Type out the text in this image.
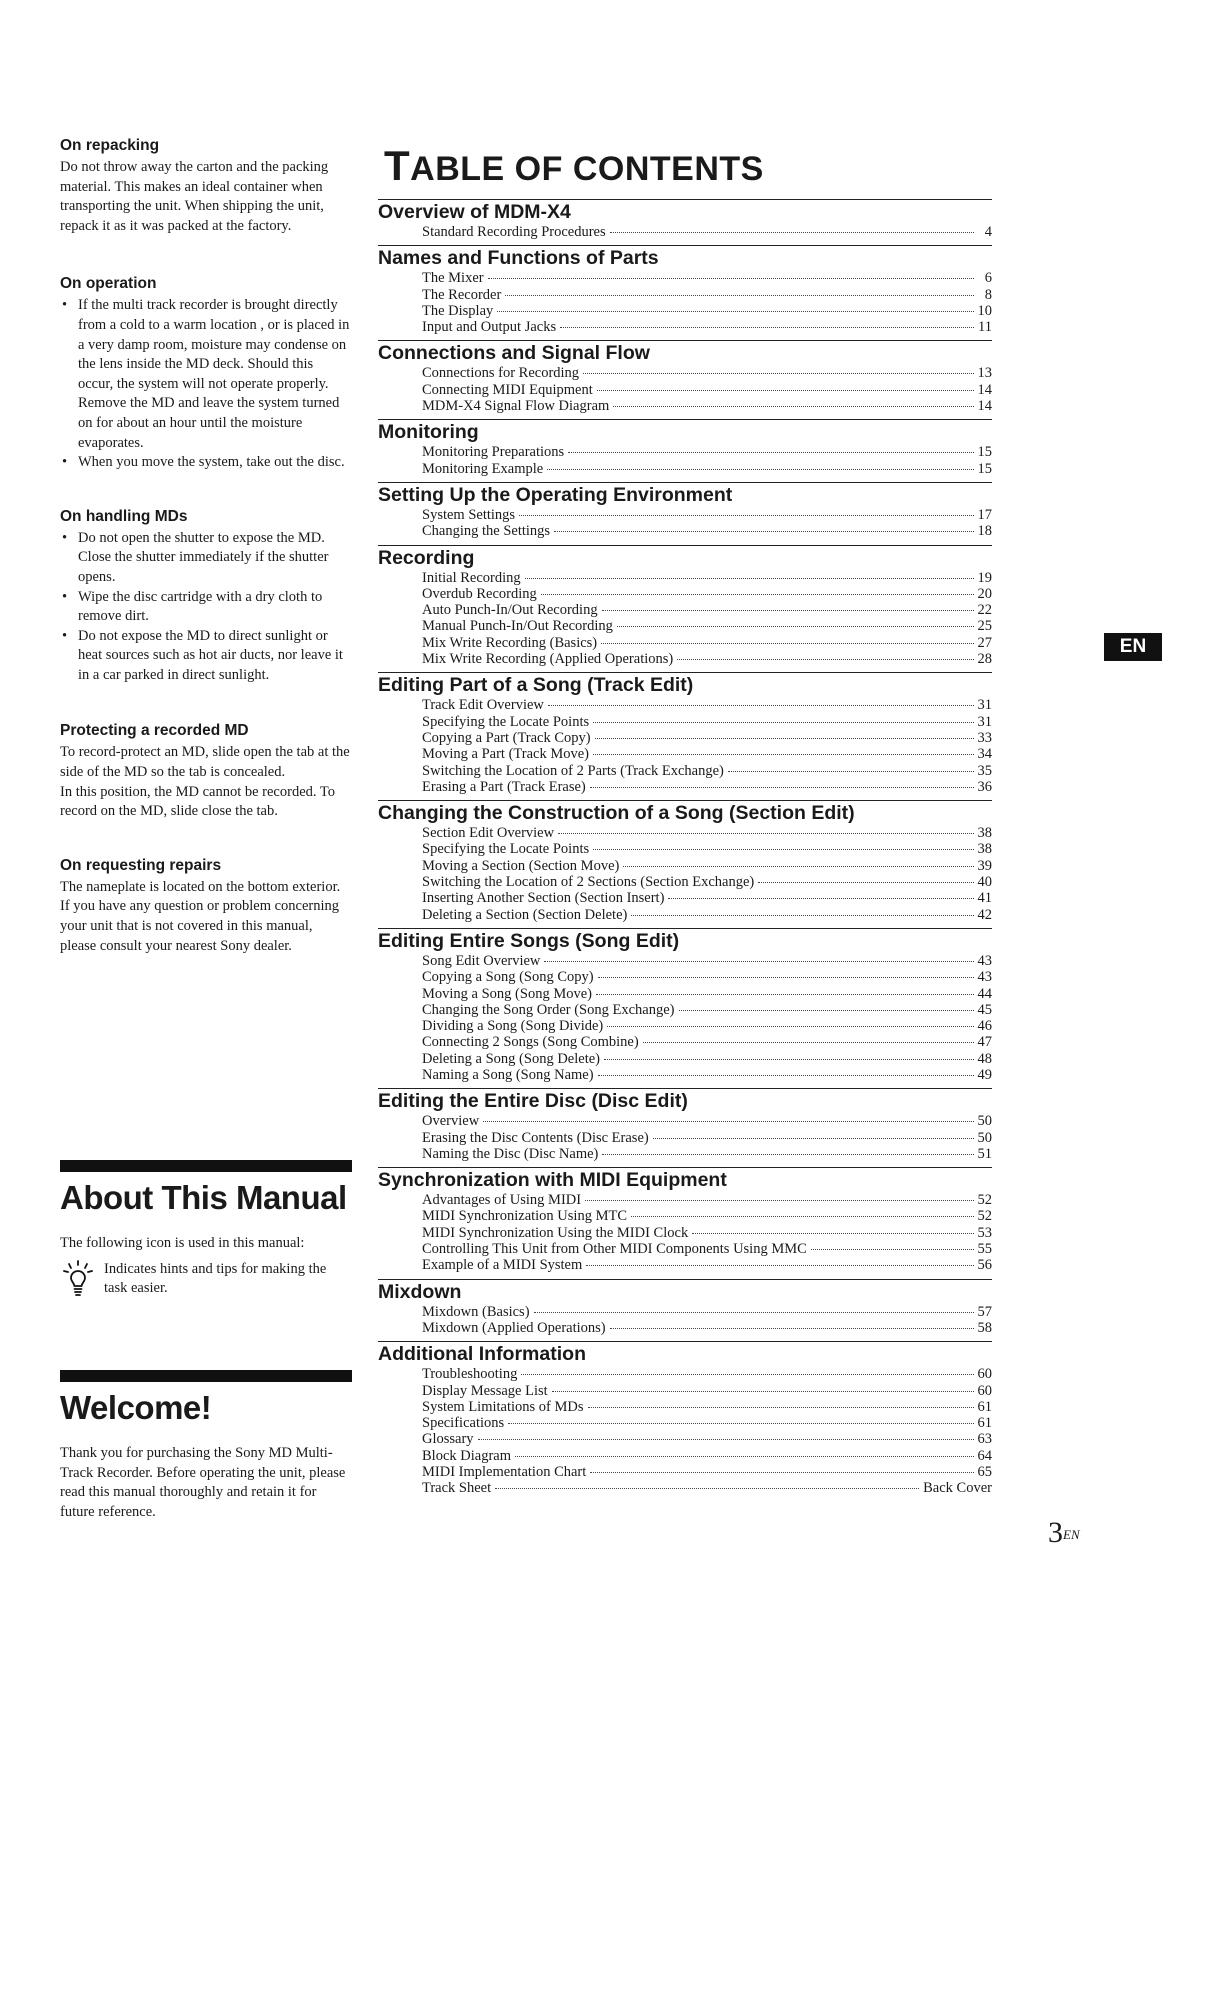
On repacking

Do not throw away the carton and the packing material. This makes an ideal container when transporting the unit. When shipping the unit, repack it as it was packed at the factory.

On operation
• If the multi track recorder is brought directly from a cold to a warm location , or is placed in a very damp room, moisture may condense on the lens inside the MD deck. Should this occur, the system will not operate properly. Remove the MD and leave the system turned on for about an hour until the moisture evaporates.
• When you move the system, take out the disc.
On handling MDs
• Do not open the shutter to expose the MD. Close the shutter immediately if the shutter opens.
• Wipe the disc cartridge with a dry cloth to remove dirt.
• Do not expose the MD to direct sunlight or heat sources such as hot air ducts, nor leave it in a car parked in direct sunlight.
Protecting a recorded MD

To record-protect an MD, slide open the tab at the side of the MD so the tab is concealed.

In this position, the MD cannot be recorded. To record on the MD, slide close the tab.

On requesting repairs

The nameplate is located on the bottom exterior.

If you have any question or problem concerning your unit that is not covered in this manual, please consult your nearest Sony dealer.

About This Manual

The following icon is used in this manual:

Indicates hints and tips for making the task easier.
Welcome!

Thank you for purchasing the Sony MD Multi-Track Recorder. Before operating the unit, please read this manual thoroughly and retain it for future reference.

TABLE OF CONTENTS
Overview of MDM-X4
Standard Recording Procedures	4
Names and Functions of Parts
The Mixer	6
The Recorder	8
The Display	10
Input and Output Jacks	11
Connections and Signal Flow
Connections for Recording	13
Connecting MIDI Equipment	14
MDM-X4 Signal Flow Diagram	14
Monitoring
Monitoring Preparations	15
Monitoring Example	15
Setting Up the Operating Environment
System Settings	17
Changing the Settings	18
Recording
Initial Recording	19
Overdub Recording	20
Auto Punch-In/Out Recording	22
Manual Punch-In/Out Recording	25
Mix Write Recording (Basics)	27
Mix Write Recording (Applied Operations)	28
Editing Part of a Song (Track Edit)
Track Edit Overview	31
Specifying the Locate Points	31
Copying a Part (Track Copy)	33
Moving a Part (Track Move)	34
Switching the Location of 2 Parts (Track Exchange)	35
Erasing a Part (Track Erase)	36
Changing the Construction of a Song (Section Edit)
Section Edit Overview	38
Specifying the Locate Points	38
Moving a Section (Section Move)	39
Switching the Location of 2 Sections (Section Exchange)	40
Inserting Another Section (Section Insert)	41
Deleting a Section (Section Delete)	42
Editing Entire Songs (Song Edit)
Song Edit Overview	43
Copying a Song (Song Copy)	43
Moving a Song (Song Move)	44
Changing the Song Order (Song Exchange)	45
Dividing a Song (Song Divide)	46
Connecting 2 Songs (Song Combine)	47
Deleting a Song (Song Delete)	48
Naming a Song (Song Name)	49
Editing the Entire Disc (Disc Edit)
Overview	50
Erasing the Disc Contents (Disc Erase)	50
Naming the Disc (Disc Name)	51
Synchronization with MIDI Equipment
Advantages of Using MIDI	52
MIDI Synchronization Using MTC	52
MIDI Synchronization Using the MIDI Clock	53
Controlling This Unit from Other MIDI Components Using MMC	55
Example of a MIDI System	56
Mixdown
Mixdown (Basics)	57
Mixdown (Applied Operations)	58
Additional Information
Troubleshooting	60
Display Message List	60
System Limitations of MDs	61
Specifications	61
Glossary	63
Block Diagram	64
MIDI Implementation Chart	65
Track Sheet	Back Cover
EN
$3^{EN}$
